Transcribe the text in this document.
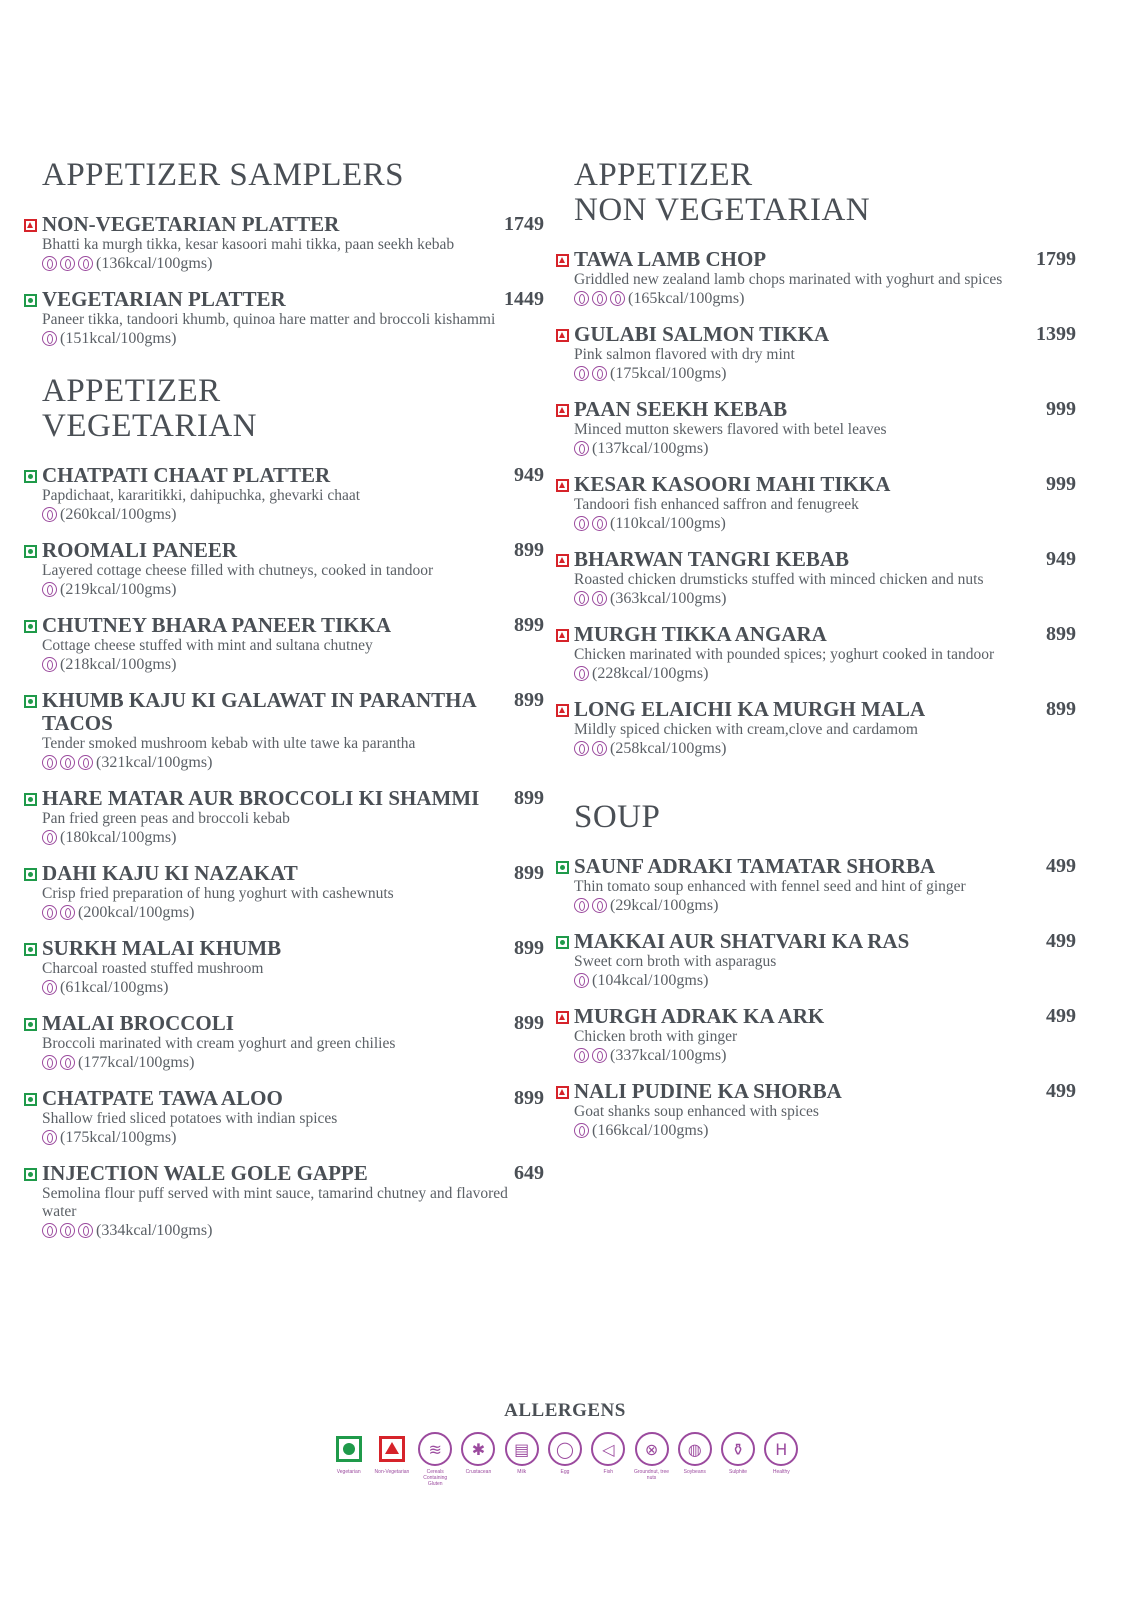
APPETIZER SAMPLERS
NON-VEGETARIAN PLATTER	1749
Bhatti ka murgh tikka, kesar kasoori mahi tikka, paan seekh kebab
(136kcal/100gms)
VEGETARIAN PLATTER	1449
Paneer tikka, tandoori khumb, quinoa hare matter and broccoli kishammi
(151kcal/100gms)
APPETIZER
VEGETARIAN
CHATPATI CHAAT PLATTER	949
Papdichaat, kararitikki, dahipuchka, ghevarki chaat
(260kcal/100gms)
ROOMALI PANEER	899
Layered cottage cheese filled with chutneys, cooked in tandoor
(219kcal/100gms)
CHUTNEY BHARA PANEER TIKKA	899
Cottage cheese stuffed with mint and sultana chutney
(218kcal/100gms)
KHUMB KAJU KI GALAWAT IN PARANTHA TACOS
899
Tender smoked mushroom kebab with ulte tawe ka parantha
(321kcal/100gms)
HARE MATAR AUR BROCCOLI KI SHAMMI 899
Pan fried green peas and broccoli kebab
(180kcal/100gms)
DAHI KAJU KI NAZAKAT	899
Crisp fried preparation of hung yoghurt with cashewnuts
(200kcal/100gms)
SURKH MALAI KHUMB	899
Charcoal roasted stuffed mushroom
(61kcal/100gms)
MALAI BROCCOLI	899
Broccoli marinated with cream yoghurt and green chilies
(177kcal/100gms)
CHATPATE TAWA ALOO	899
Shallow fried sliced potatoes with indian spices
(175kcal/100gms)
INJECTION WALE GOLE GAPPE	649
Semolina flour puff served with mint sauce, tamarind chutney and flavored water
(334kcal/100gms)
APPETIZER
NON VEGETARIAN
TAWA LAMB CHOP	1799
Griddled new zealand lamb chops marinated with yoghurt and spices
(165kcal/100gms)
GULABI SALMON TIKKA	1399
Pink salmon flavored with dry mint
(175kcal/100gms)
PAAN SEEKH KEBAB	999
Minced mutton skewers flavored with betel leaves
(137kcal/100gms)
KESAR KASOORI MAHI TIKKA	999
Tandoori fish enhanced saffron and fenugreek
(110kcal/100gms)
BHARWAN TANGRI KEBAB	949
Roasted chicken drumsticks stuffed with minced chicken and nuts
(363kcal/100gms)
MURGH TIKKA ANGARA	899
Chicken marinated with pounded spices; yoghurt cooked in tandoor
(228kcal/100gms)
LONG ELAICHI KA MURGH MALA	899
Mildly spiced chicken with cream,clove and cardamom
(258kcal/100gms)
SOUP
SAUNF ADRAKI TAMATAR SHORBA	499
Thin tomato soup enhanced with fennel seed and hint of ginger
(29kcal/100gms)
MAKKAI AUR SHATVARI KA RAS	499
Sweet corn broth with asparagus
(104kcal/100gms)
MURGH ADRAK KA ARK	499
Chicken broth with ginger
(337kcal/100gms)
NALI PUDINE KA SHORBA	499
Goat shanks soup enhanced with spices
(166kcal/100gms)
ALLERGENS
Vegetarian	Non-Vegetarian
≋
Cereals Containing Gluten
✱
Crustacean
▤
Milk
◯
Egg
◁
Fish
⊗
Groundnut, tree nuts
◍
Soybeans
⚱
Sulphite
H
Healthy
